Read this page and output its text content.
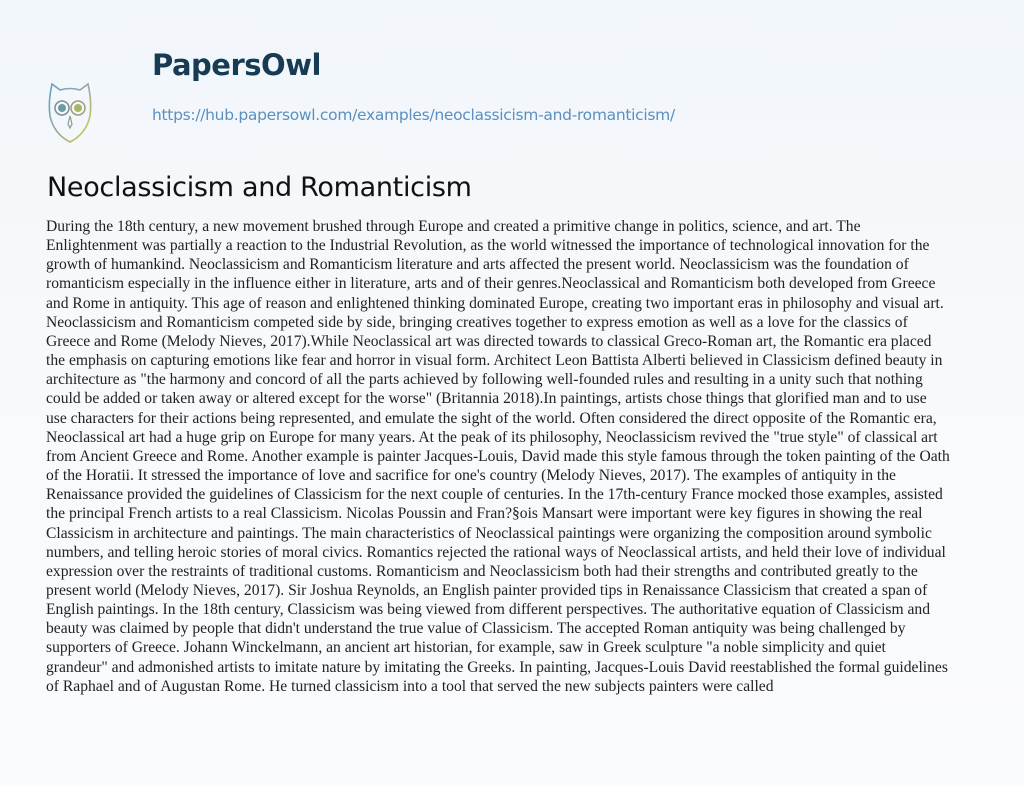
PapersOwl
https://hub.papersowl.com/examples/neoclassicism-and-romanticism/
Neoclassicism and Romanticism
During the 18th century, a new movement brushed through Europe and created a primitive change in politics, science, and art. The
Enlightenment was partially a reaction to the Industrial Revolution, as the world witnessed the importance of technological innovation for the
growth of humankind. Neoclassicism and Romanticism literature and arts affected the present world. Neoclassicism was the foundation of
romanticism especially in the influence either in literature, arts and of their genres.Neoclassical and Romanticism both developed from Greece
and Rome in antiquity. This age of reason and enlightened thinking dominated Europe, creating two important eras in philosophy and visual art.
Neoclassicism and Romanticism competed side by side, bringing creatives together to express emotion as well as a love for the classics of
Greece and Rome (Melody Nieves, 2017).While Neoclassical art was directed towards to classical Greco-Roman art, the Romantic era placed
the emphasis on capturing emotions like fear and horror in visual form. Architect Leon Battista Alberti believed in Classicism defined beauty in
architecture as "the harmony and concord of all the parts achieved by following well-founded rules and resulting in a unity such that nothing
could be added or taken away or altered except for the worse" (Britannia 2018).In paintings, artists chose things that glorified man and to use
use characters for their actions being represented, and emulate the sight of the world. Often considered the direct opposite of the Romantic era,
Neoclassical art had a huge grip on Europe for many years. At the peak of its philosophy, Neoclassicism revived the "true style" of classical art
from Ancient Greece and Rome. Another example is painter Jacques-Louis, David made this style famous through the token painting of the Oath
of the Horatii. It stressed the importance of love and sacrifice for one's country (Melody Nieves, 2017). The examples of antiquity in the
Renaissance provided the guidelines of Classicism for the next couple of centuries. In the 17th-century France mocked those examples, assisted
the principal French artists to a real Classicism. Nicolas Poussin and Fran?§ois Mansart were important were key figures in showing the real
Classicism in architecture and paintings. The main characteristics of Neoclassical paintings were organizing the composition around symbolic
numbers, and telling heroic stories of moral civics. Romantics rejected the rational ways of Neoclassical artists, and held their love of individual
expression over the restraints of traditional customs. Romanticism and Neoclassicism both had their strengths and contributed greatly to the
present world (Melody Nieves, 2017). Sir Joshua Reynolds, an English painter provided tips in Renaissance Classicism that created a span of
English paintings. In the 18th century, Classicism was being viewed from different perspectives. The authoritative equation of Classicism and
beauty was claimed by people that didn't understand the true value of Classicism. The accepted Roman antiquity was being challenged by
supporters of Greece. Johann Winckelmann, an ancient art historian, for example, saw in Greek sculpture "a noble simplicity and quiet
grandeur" and admonished artists to imitate nature by imitating the Greeks. In painting, Jacques-Louis David reestablished the formal guidelines
of Raphael and of Augustan Rome. He turned classicism into a tool that served the new subjects painters were called
